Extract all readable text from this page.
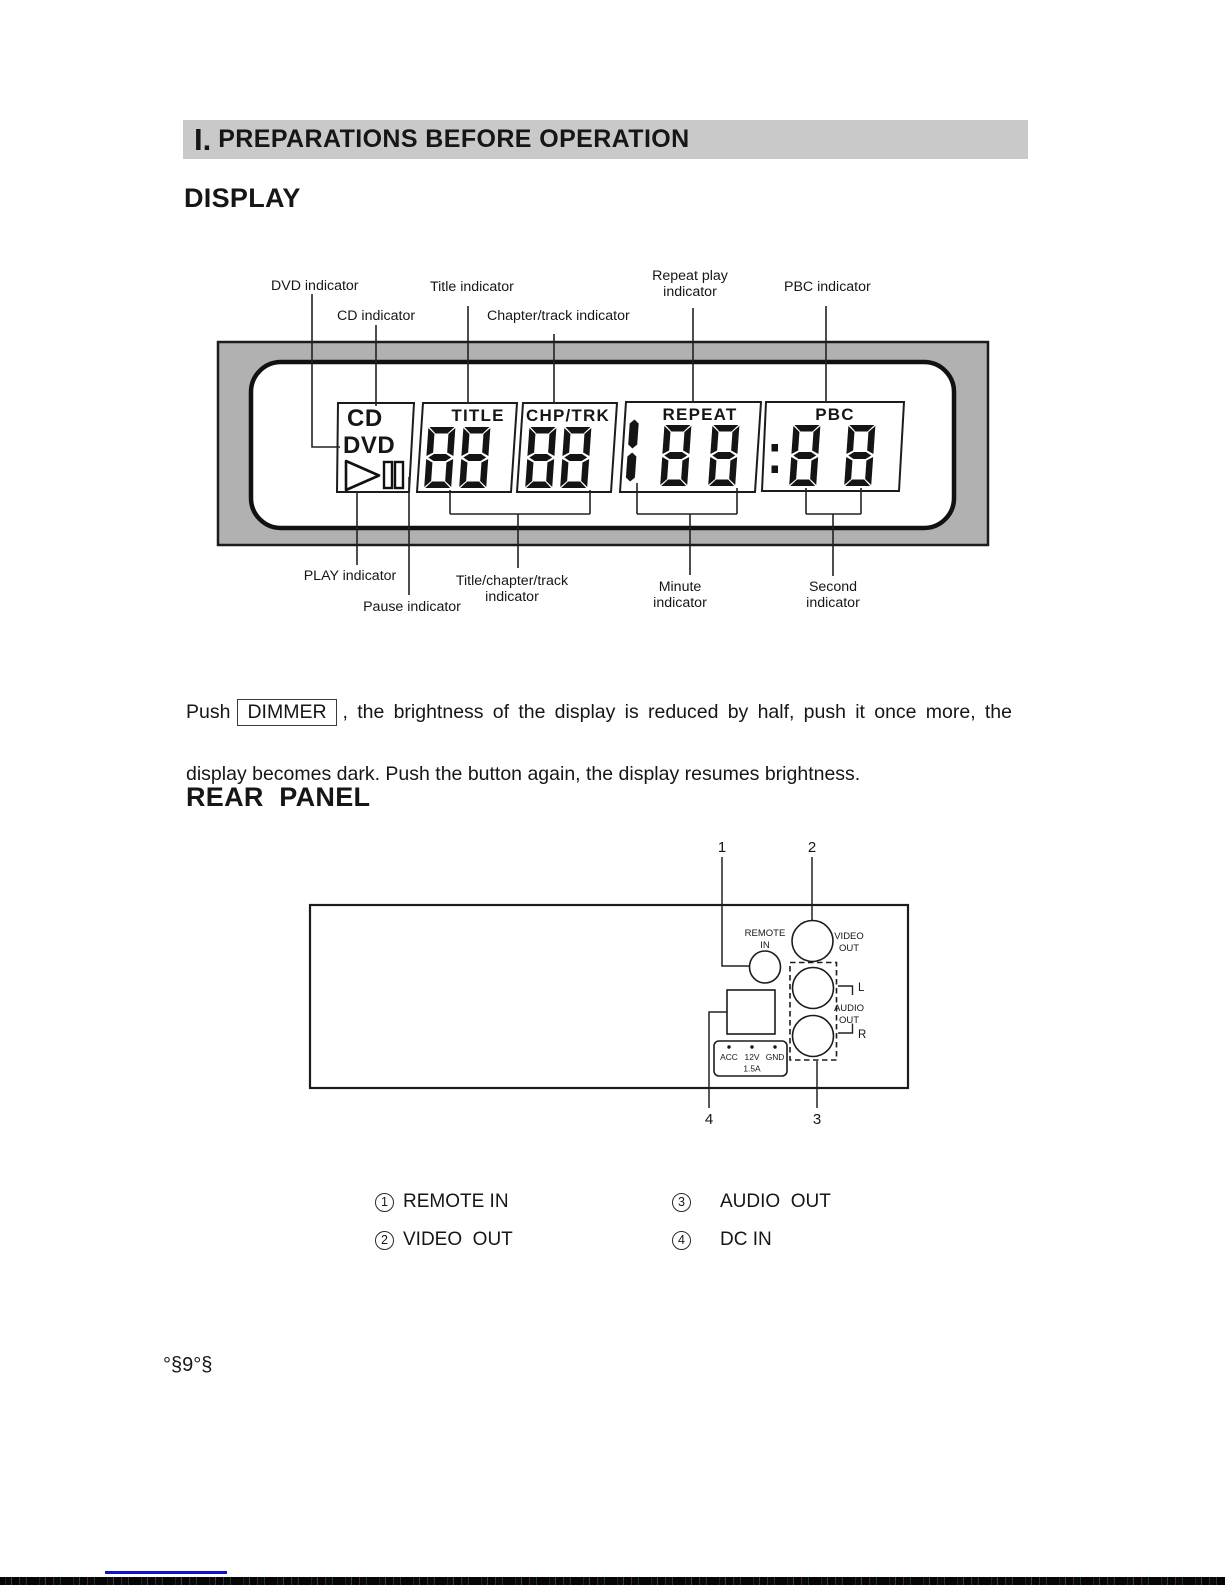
I. PREPARATIONS BEFORE OPERATION
DISPLAY
CD
DVD
TITLE CHP/TRK	REPEAT	PBC
DVD indicator
CD indicator
Title indicator
Chapter/track indicator
Repeat play
indicator	PBC indicator
PLAY indicator
Pause indicator
Title/chapter/track
indicator
Minute
indicator
Second
indicator
Push DIMMER , the brightness of the display is reduced by half, push it once more, the
display becomes dark. Push the button again, the display resumes brightness.
REAR  PANEL
1	2
3
4
REMOTE
IN
VIDEO
OUT
L
R
AUDIO
OUT
ACC 12V GND
1.5A
1 REMOTE IN	3	AUDIO  OUT
2 VIDEO  OUT	4	DC IN
°§9°§
